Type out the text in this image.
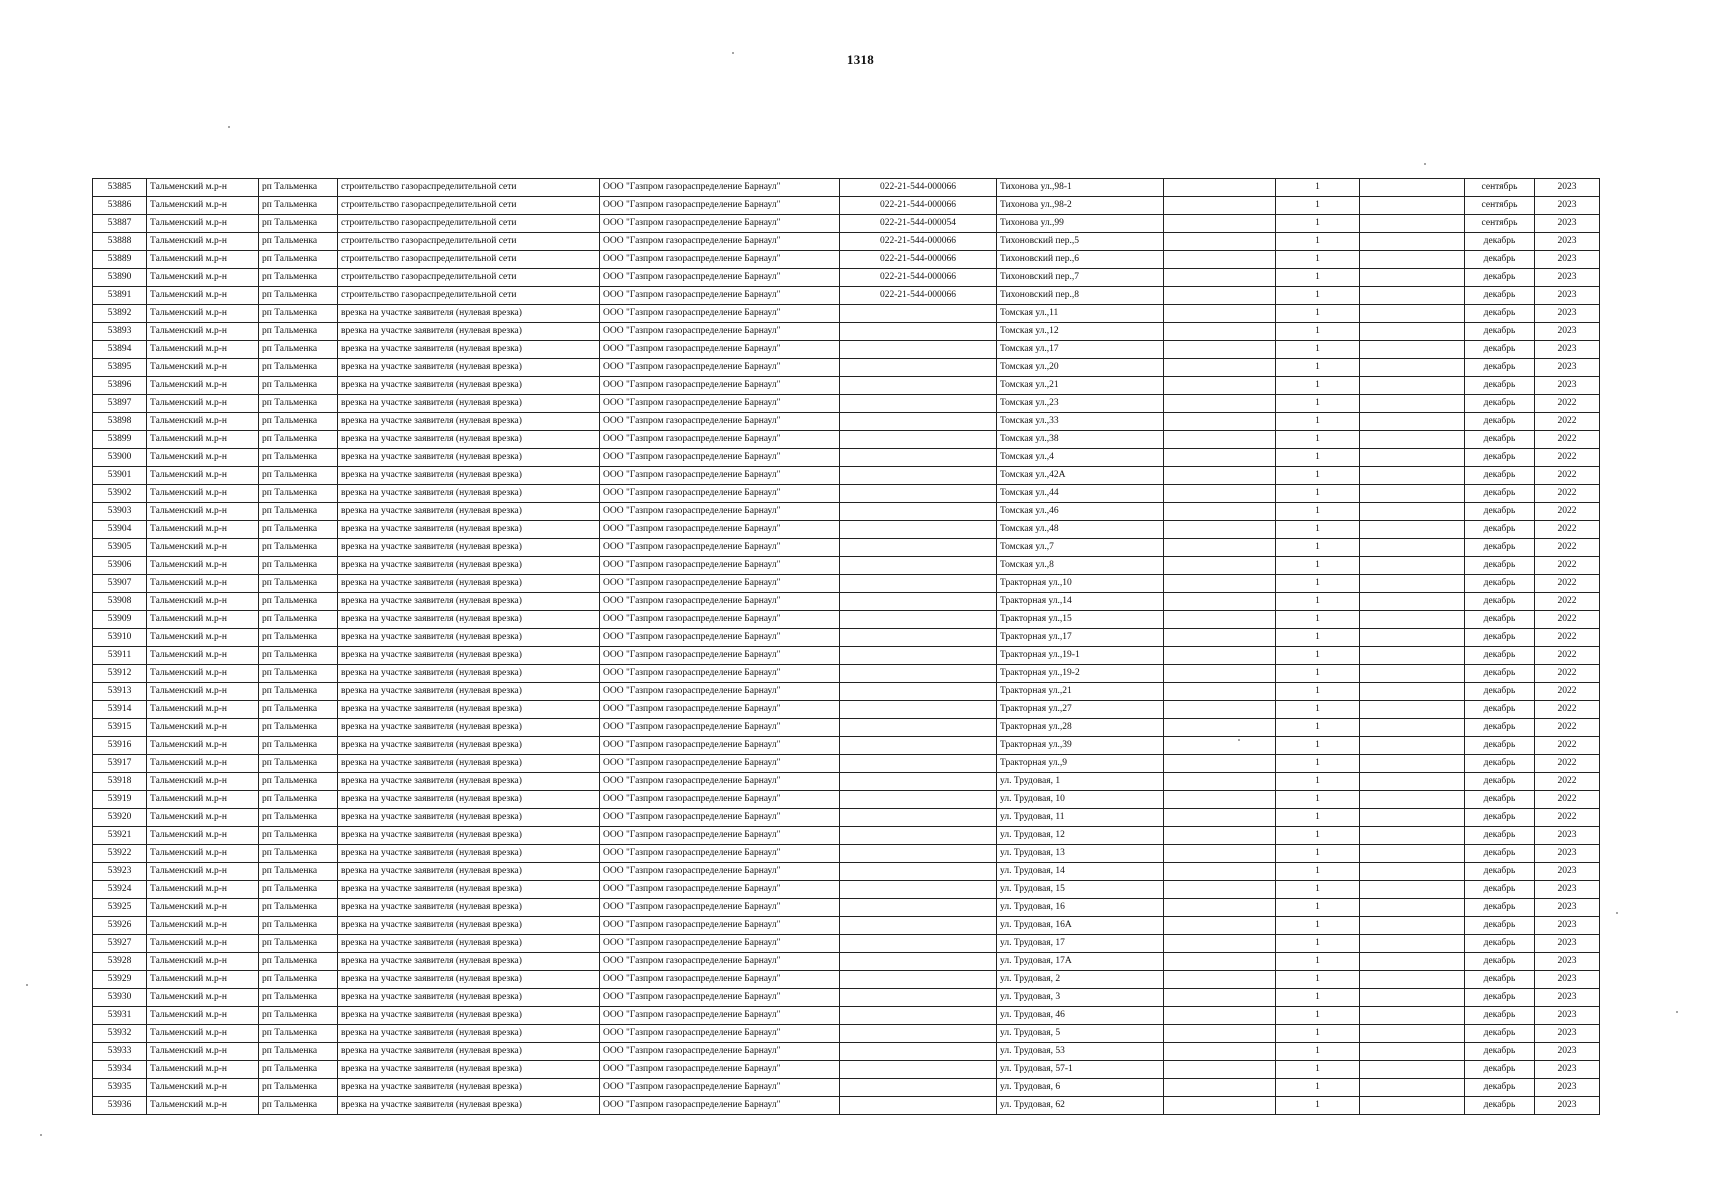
1318
53885	Тальменский м.р-н	рп Тальменка	строительство газораспределительной сети	ООО "Газпром газораспределение Барнаул"	022-21-544-000066	Тихонова ул.,98-1		1		сентябрь	2023
53886	Тальменский м.р-н	рп Тальменка	строительство газораспределительной сети	ООО "Газпром газораспределение Барнаул"	022-21-544-000066	Тихонова ул.,98-2		1		сентябрь	2023
53887	Тальменский м.р-н	рп Тальменка	строительство газораспределительной сети	ООО "Газпром газораспределение Барнаул"	022-21-544-000054	Тихонова ул.,99		1		сентябрь	2023
53888	Тальменский м.р-н	рп Тальменка	строительство газораспределительной сети	ООО "Газпром газораспределение Барнаул"	022-21-544-000066	Тихоновский пер.,5		1		декабрь	2023
53889	Тальменский м.р-н	рп Тальменка	строительство газораспределительной сети	ООО "Газпром газораспределение Барнаул"	022-21-544-000066	Тихоновский пер.,6		1		декабрь	2023
53890	Тальменский м.р-н	рп Тальменка	строительство газораспределительной сети	ООО "Газпром газораспределение Барнаул"	022-21-544-000066	Тихоновский пер.,7		1		декабрь	2023
53891	Тальменский м.р-н	рп Тальменка	строительство газораспределительной сети	ООО "Газпром газораспределение Барнаул"	022-21-544-000066	Тихоновский пер.,8		1		декабрь	2023
53892	Тальменский м.р-н	рп Тальменка	врезка на участке заявителя (нулевая врезка)	ООО "Газпром газораспределение Барнаул"		Томская ул.,11		1		декабрь	2023
53893	Тальменский м.р-н	рп Тальменка	врезка на участке заявителя (нулевая врезка)	ООО "Газпром газораспределение Барнаул"		Томская ул.,12		1		декабрь	2023
53894	Тальменский м.р-н	рп Тальменка	врезка на участке заявителя (нулевая врезка)	ООО "Газпром газораспределение Барнаул"		Томская ул.,17		1		декабрь	2023
53895	Тальменский м.р-н	рп Тальменка	врезка на участке заявителя (нулевая врезка)	ООО "Газпром газораспределение Барнаул"		Томская ул.,20		1		декабрь	2023
53896	Тальменский м.р-н	рп Тальменка	врезка на участке заявителя (нулевая врезка)	ООО "Газпром газораспределение Барнаул"		Томская ул.,21		1		декабрь	2023
53897	Тальменский м.р-н	рп Тальменка	врезка на участке заявителя (нулевая врезка)	ООО "Газпром газораспределение Барнаул"		Томская ул.,23		1		декабрь	2022
53898	Тальменский м.р-н	рп Тальменка	врезка на участке заявителя (нулевая врезка)	ООО "Газпром газораспределение Барнаул"		Томская ул.,33		1		декабрь	2022
53899	Тальменский м.р-н	рп Тальменка	врезка на участке заявителя (нулевая врезка)	ООО "Газпром газораспределение Барнаул"		Томская ул.,38		1		декабрь	2022
53900	Тальменский м.р-н	рп Тальменка	врезка на участке заявителя (нулевая врезка)	ООО "Газпром газораспределение Барнаул"		Томская ул.,4		1		декабрь	2022
53901	Тальменский м.р-н	рп Тальменка	врезка на участке заявителя (нулевая врезка)	ООО "Газпром газораспределение Барнаул"		Томская ул.,42А		1		декабрь	2022
53902	Тальменский м.р-н	рп Тальменка	врезка на участке заявителя (нулевая врезка)	ООО "Газпром газораспределение Барнаул"		Томская ул.,44		1		декабрь	2022
53903	Тальменский м.р-н	рп Тальменка	врезка на участке заявителя (нулевая врезка)	ООО "Газпром газораспределение Барнаул"		Томская ул.,46		1		декабрь	2022
53904	Тальменский м.р-н	рп Тальменка	врезка на участке заявителя (нулевая врезка)	ООО "Газпром газораспределение Барнаул"		Томская ул.,48		1		декабрь	2022
53905	Тальменский м.р-н	рп Тальменка	врезка на участке заявителя (нулевая врезка)	ООО "Газпром газораспределение Барнаул"		Томская ул.,7		1		декабрь	2022
53906	Тальменский м.р-н	рп Тальменка	врезка на участке заявителя (нулевая врезка)	ООО "Газпром газораспределение Барнаул"		Томская ул.,8		1		декабрь	2022
53907	Тальменский м.р-н	рп Тальменка	врезка на участке заявителя (нулевая врезка)	ООО "Газпром газораспределение Барнаул"		Тракторная ул.,10		1		декабрь	2022
53908	Тальменский м.р-н	рп Тальменка	врезка на участке заявителя (нулевая врезка)	ООО "Газпром газораспределение Барнаул"		Тракторная ул.,14		1		декабрь	2022
53909	Тальменский м.р-н	рп Тальменка	врезка на участке заявителя (нулевая врезка)	ООО "Газпром газораспределение Барнаул"		Тракторная ул.,15		1		декабрь	2022
53910	Тальменский м.р-н	рп Тальменка	врезка на участке заявителя (нулевая врезка)	ООО "Газпром газораспределение Барнаул"		Тракторная ул.,17		1		декабрь	2022
53911	Тальменский м.р-н	рп Тальменка	врезка на участке заявителя (нулевая врезка)	ООО "Газпром газораспределение Барнаул"		Тракторная ул.,19-1		1		декабрь	2022
53912	Тальменский м.р-н	рп Тальменка	врезка на участке заявителя (нулевая врезка)	ООО "Газпром газораспределение Барнаул"		Тракторная ул.,19-2		1		декабрь	2022
53913	Тальменский м.р-н	рп Тальменка	врезка на участке заявителя (нулевая врезка)	ООО "Газпром газораспределение Барнаул"		Тракторная ул.,21		1		декабрь	2022
53914	Тальменский м.р-н	рп Тальменка	врезка на участке заявителя (нулевая врезка)	ООО "Газпром газораспределение Барнаул"		Тракторная ул.,27		1		декабрь	2022
53915	Тальменский м.р-н	рп Тальменка	врезка на участке заявителя (нулевая врезка)	ООО "Газпром газораспределение Барнаул"		Тракторная ул.,28		1		декабрь	2022
53916	Тальменский м.р-н	рп Тальменка	врезка на участке заявителя (нулевая врезка)	ООО "Газпром газораспределение Барнаул"		Тракторная ул.,39		1		декабрь	2022
53917	Тальменский м.р-н	рп Тальменка	врезка на участке заявителя (нулевая врезка)	ООО "Газпром газораспределение Барнаул"		Тракторная ул.,9		1		декабрь	2022
53918	Тальменский м.р-н	рп Тальменка	врезка на участке заявителя (нулевая врезка)	ООО "Газпром газораспределение Барнаул"		ул. Трудовая, 1		1		декабрь	2022
53919	Тальменский м.р-н	рп Тальменка	врезка на участке заявителя (нулевая врезка)	ООО "Газпром газораспределение Барнаул"		ул. Трудовая, 10		1		декабрь	2022
53920	Тальменский м.р-н	рп Тальменка	врезка на участке заявителя (нулевая врезка)	ООО "Газпром газораспределение Барнаул"		ул. Трудовая, 11		1		декабрь	2022
53921	Тальменский м.р-н	рп Тальменка	врезка на участке заявителя (нулевая врезка)	ООО "Газпром газораспределение Барнаул"		ул. Трудовая, 12		1		декабрь	2023
53922	Тальменский м.р-н	рп Тальменка	врезка на участке заявителя (нулевая врезка)	ООО "Газпром газораспределение Барнаул"		ул. Трудовая, 13		1		декабрь	2023
53923	Тальменский м.р-н	рп Тальменка	врезка на участке заявителя (нулевая врезка)	ООО "Газпром газораспределение Барнаул"		ул. Трудовая, 14		1		декабрь	2023
53924	Тальменский м.р-н	рп Тальменка	врезка на участке заявителя (нулевая врезка)	ООО "Газпром газораспределение Барнаул"		ул. Трудовая, 15		1		декабрь	2023
53925	Тальменский м.р-н	рп Тальменка	врезка на участке заявителя (нулевая врезка)	ООО "Газпром газораспределение Барнаул"		ул. Трудовая, 16		1		декабрь	2023
53926	Тальменский м.р-н	рп Тальменка	врезка на участке заявителя (нулевая врезка)	ООО "Газпром газораспределение Барнаул"		ул. Трудовая, 16А		1		декабрь	2023
53927	Тальменский м.р-н	рп Тальменка	врезка на участке заявителя (нулевая врезка)	ООО "Газпром газораспределение Барнаул"		ул. Трудовая, 17		1		декабрь	2023
53928	Тальменский м.р-н	рп Тальменка	врезка на участке заявителя (нулевая врезка)	ООО "Газпром газораспределение Барнаул"		ул. Трудовая, 17А		1		декабрь	2023
53929	Тальменский м.р-н	рп Тальменка	врезка на участке заявителя (нулевая врезка)	ООО "Газпром газораспределение Барнаул"		ул. Трудовая, 2		1		декабрь	2023
53930	Тальменский м.р-н	рп Тальменка	врезка на участке заявителя (нулевая врезка)	ООО "Газпром газораспределение Барнаул"		ул. Трудовая, 3		1		декабрь	2023
53931	Тальменский м.р-н	рп Тальменка	врезка на участке заявителя (нулевая врезка)	ООО "Газпром газораспределение Барнаул"		ул. Трудовая, 46		1		декабрь	2023
53932	Тальменский м.р-н	рп Тальменка	врезка на участке заявителя (нулевая врезка)	ООО "Газпром газораспределение Барнаул"		ул. Трудовая, 5		1		декабрь	2023
53933	Тальменский м.р-н	рп Тальменка	врезка на участке заявителя (нулевая врезка)	ООО "Газпром газораспределение Барнаул"		ул. Трудовая, 53		1		декабрь	2023
53934	Тальменский м.р-н	рп Тальменка	врезка на участке заявителя (нулевая врезка)	ООО "Газпром газораспределение Барнаул"		ул. Трудовая, 57-1		1		декабрь	2023
53935	Тальменский м.р-н	рп Тальменка	врезка на участке заявителя (нулевая врезка)	ООО "Газпром газораспределение Барнаул"		ул. Трудовая, 6		1		декабрь	2023
53936	Тальменский м.р-н	рп Тальменка	врезка на участке заявителя (нулевая врезка)	ООО "Газпром газораспределение Барнаул"		ул. Трудовая, 62		1		декабрь	2023
